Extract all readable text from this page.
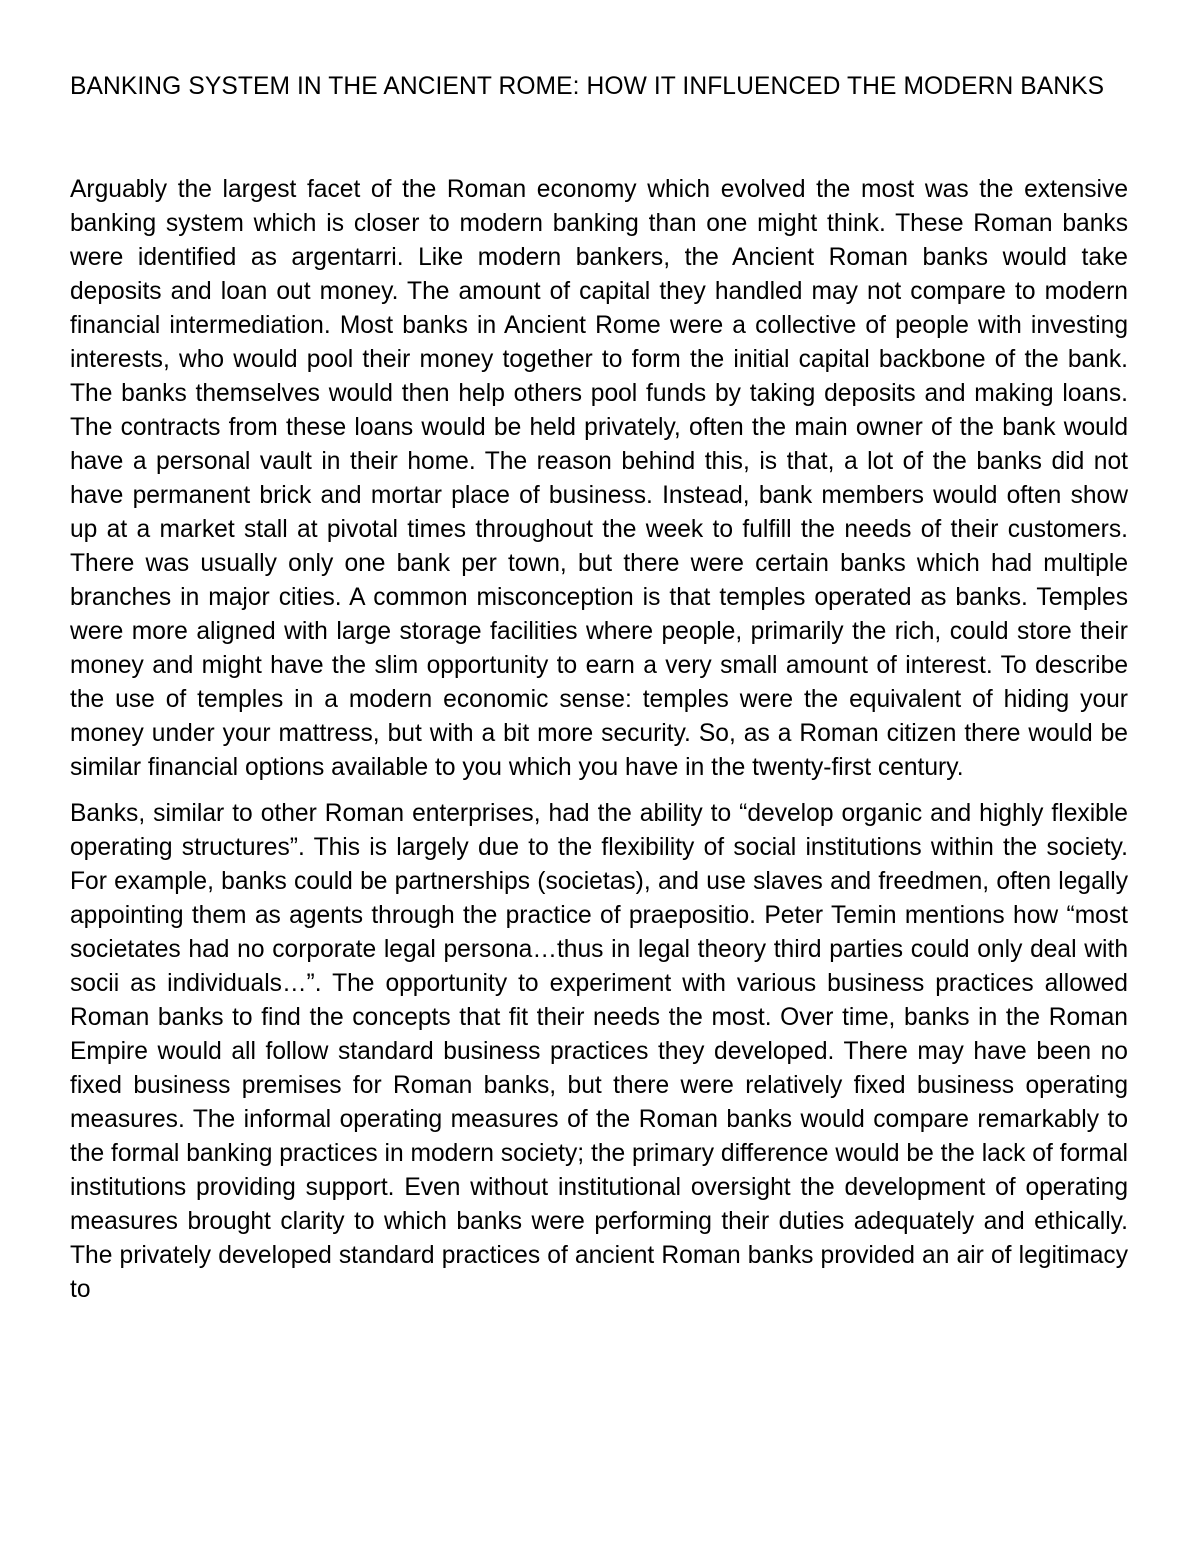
BANKING SYSTEM IN THE ANCIENT ROME: HOW IT INFLUENCED THE MODERN BANKS

Arguably the largest facet of the Roman economy which evolved the most was the extensive banking system which is closer to modern banking than one might think. These Roman banks were identified as argentarri. Like modern bankers, the Ancient Roman banks would take deposits and loan out money. The amount of capital they handled may not compare to modern financial intermediation. Most banks in Ancient Rome were a collective of people with investing interests, who would pool their money together to form the initial capital backbone of the bank. The banks themselves would then help others pool funds by taking deposits and making loans. The contracts from these loans would be held privately, often the main owner of the bank would have a personal vault in their home. The reason behind this, is that, a lot of the banks did not have permanent brick and mortar place of business. Instead, bank members would often show up at a market stall at pivotal times throughout the week to fulfill the needs of their customers. There was usually only one bank per town, but there were certain banks which had multiple branches in major cities. A common misconception is that temples operated as banks. Temples were more aligned with large storage facilities where people, primarily the rich, could store their money and might have the slim opportunity to earn a very small amount of interest. To describe the use of temples in a modern economic sense: temples were the equivalent of hiding your money under your mattress, but with a bit more security. So, as a Roman citizen there would be similar financial options available to you which you have in the twenty-first century.

Banks, similar to other Roman enterprises, had the ability to “develop organic and highly flexible operating structures”. This is largely due to the flexibility of social institutions within the society. For example, banks could be partnerships (societas), and use slaves and freedmen, often legally appointing them as agents through the practice of praepositio. Peter Temin mentions how “most societates had no corporate legal persona…thus in legal theory third parties could only deal with socii as individuals…”. The opportunity to experiment with various business practices allowed Roman banks to find the concepts that fit their needs the most. Over time, banks in the Roman Empire would all follow standard business practices they developed. There may have been no fixed business premises for Roman banks, but there were relatively fixed business operating measures. The informal operating measures of the Roman banks would compare remarkably to the formal banking practices in modern society; the primary difference would be the lack of formal institutions providing support. Even without institutional oversight the development of operating measures brought clarity to which banks were performing their duties adequately and ethically. The privately developed standard practices of ancient Roman banks provided an air of legitimacy to
